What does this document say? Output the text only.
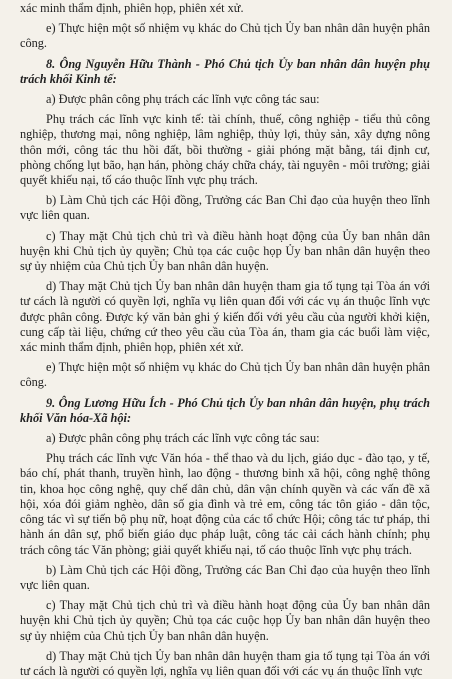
xác minh thẩm định, phiên họp, phiên xét xử.

e) Thực hiện một số nhiệm vụ khác do Chủ tịch Ủy ban nhân dân huyện phân công.

8. Ông Nguyễn Hữu Thành - Phó Chủ tịch Ủy ban nhân dân huyện phụ trách khối Kinh tế:

a) Được phân công phụ trách các lĩnh vực công tác sau:

Phụ trách các lĩnh vực kinh tế: tài chính, thuế, công nghiệp - tiểu thủ công nghiệp, thương mại, nông nghiệp, lâm nghiệp, thủy lợi, thủy sản, xây dựng nông thôn mới, công tác thu hồi đất, bồi thường - giải phóng mặt bằng, tái định cư, phòng chống lụt bão, hạn hán, phòng cháy chữa cháy, tài nguyên - môi trường; giải quyết khiếu nại, tố cáo thuộc lĩnh vực phụ trách.

b) Làm Chủ tịch các Hội đồng, Trưởng các Ban Chỉ đạo của huyện theo lĩnh vực liên quan.

c) Thay mặt Chủ tịch chủ trì và điều hành hoạt động của Ủy ban nhân dân huyện khi Chủ tịch ủy quyền; Chủ tọa các cuộc họp Ủy ban nhân dân huyện theo sự ủy nhiệm của Chủ tịch Ủy ban nhân dân huyện.

d) Thay mặt Chủ tịch Ủy ban nhân dân huyện tham gia tố tụng tại Tòa án với tư cách là người có quyền lợi, nghĩa vụ liên quan đối với các vụ án thuộc lĩnh vực được phân công. Được ký văn bản ghi ý kiến đối với yêu cầu của người khởi kiện, cung cấp tài liệu, chứng cứ theo yêu cầu của Tòa án, tham gia các buổi làm việc, xác minh thẩm định, phiên họp, phiên xét xử.

e) Thực hiện một số nhiệm vụ khác do Chủ tịch Ủy ban nhân dân huyện phân công.

9. Ông Lương Hữu Ích - Phó Chủ tịch Ủy ban nhân dân huyện, phụ trách khối Văn hóa-Xã hội:

a) Được phân công phụ trách các lĩnh vực công tác sau:

Phụ trách các lĩnh vực Văn hóa - thể thao và du lịch, giáo dục - đào tạo, y tế, báo chí, phát thanh, truyền hình, lao động - thương binh xã hội, công nghệ thông tin, khoa học công nghệ, quy chế dân chủ, dân vận chính quyền và các vấn đề xã hội, xóa đói giảm nghèo, dân số gia đình và trẻ em, công tác tôn giáo - dân tộc, công tác vì sự tiến bộ phụ nữ, hoạt động của các tổ chức Hội; công tác tư pháp, thi hành án dân sự, phổ biến giáo dục pháp luật, công tác cải cách hành chính; phụ trách công tác Văn phòng; giải quyết khiếu nại, tố cáo thuộc lĩnh vực phụ trách.

b) Làm Chủ tịch các Hội đồng, Trưởng các Ban Chỉ đạo của huyện theo lĩnh vực liên quan.

c) Thay mặt Chủ tịch chủ trì và điều hành hoạt động của Ủy ban nhân dân huyện khi Chủ tịch ủy quyền; Chủ tọa các cuộc họp Ủy ban nhân dân huyện theo sự ủy nhiệm của Chủ tịch Ủy ban nhân dân huyện.

d) Thay mặt Chủ tịch Ủy ban nhân dân huyện tham gia tố tụng tại Tòa án với tư cách là người có quyền lợi, nghĩa vụ liên quan đối với các vụ án thuộc lĩnh vực
